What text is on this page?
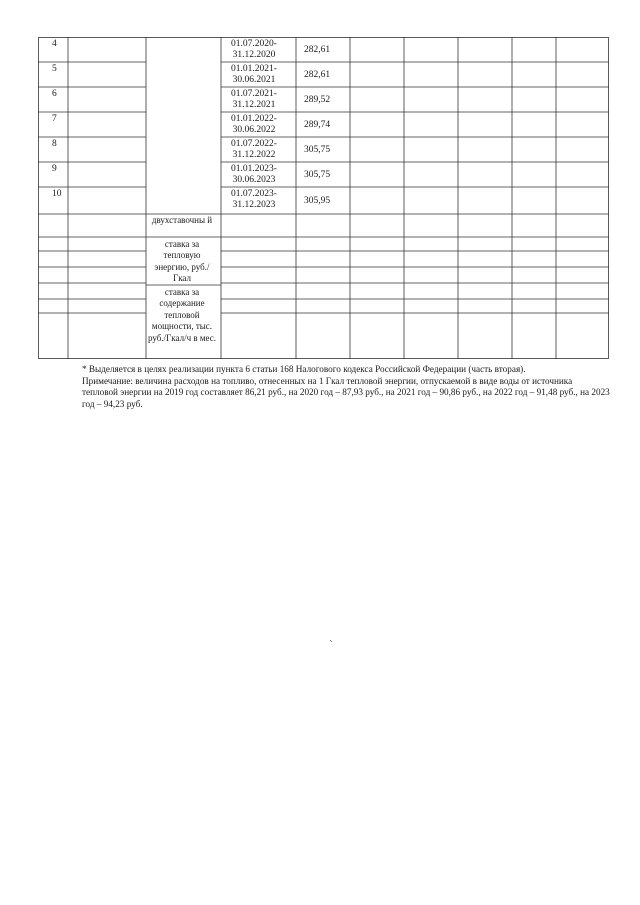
4
5
6
7
8
9
10
01.07.2020-31.12.2020
01.01.2021-30.06.2021
01.07.2021-31.12.2021
01.01.2022-30.06.2022
01.07.2022-31.12.2022
01.01.2023-30.06.2023
01.07.2023-31.12.2023
282,61
282,61
289,52
289,74
305,75
305,75
305,95
двухставочны й
ставка за тепловую энергию, руб./Гкал
ставка за содержание тепловой мощности, тыс. руб./Гкал/ч в мес.

* Выделяется в целях реализации пункта 6 статьи 168 Налогового кодекса Российской Федерации (часть вторая).

Примечание: величина расходов на топливо, отнесенных на 1 Гкал тепловой энергии, отпускаемой в виде воды от источника тепловой энергии на 2019 год составляет 86,21 руб., на 2020 год – 87,93 руб., на 2021 год – 90,86 руб., на 2022 год – 91,48 руб., на 2023 год – 94,23 руб.
